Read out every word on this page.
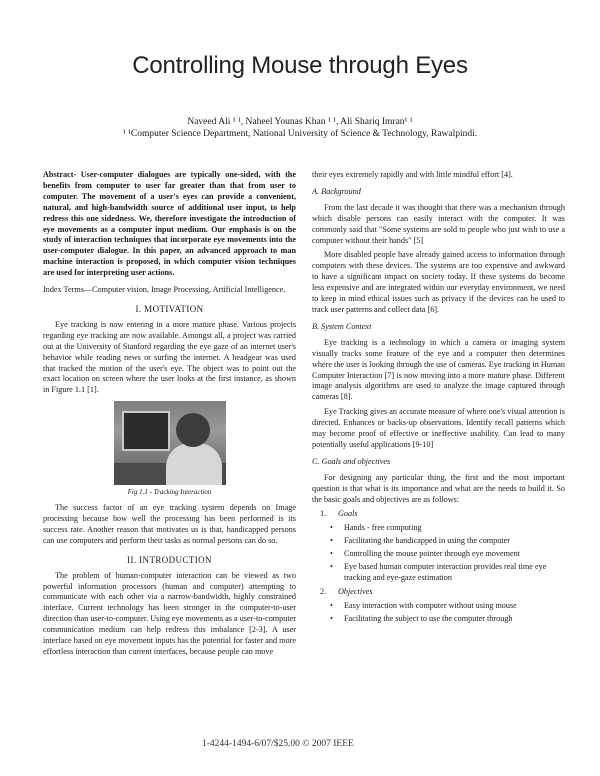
Controlling Mouse through Eyes
Naveed Ali ¹ ¹, Naheel Younas Khan ¹ ¹, Ali Shariq Imran¹ ¹
¹ ¹Computer Science Department, National University of Science & Technology, Rawalpindi.

Abstract- User-computer dialogues are typically one-sided, with the benefits from computer to user far greater than that from user to computer. The movement of a user's eyes can provide a convenient, natural, and high-bandwidth source of additional user input, to help redress this one sidedness. We, therefore investigate the introduction of eye movements as a computer input medium. Our emphasis is on the study of interaction techniques that incorporate eye movements into the user-computer dialogue. In this paper, an advanced approach to man machine interaction is proposed, in which computer vision techniques are used for interpreting user actions.

Index Terms—Computer vision, Image Processing, Artificial Intelligence.

I. MOTIVATION

Eye tracking is now entering in a more mature phase. Various projects regarding eye tracking are now available. Amongst all, a project was carried out at the University of Stanford regarding the eye gaze of an internet user's behavior while reading news or surfing the internet. A headgear was used that tracked the motion of the user's eye. The object was to point out the exact location on screen where the user looks at the first instance, as shown in Figure 1.1 [1].

Fig 1.1 - Tracking Interaction

The success factor of an eye tracking system depends on Image processing because how well the processing has been performed is its success rate. Another reason that motivates us is that, handicapped persons can use computers and perform their tasks as normal persons can do so.

II. INTRODUCTION

The problem of human-computer interaction can be viewed as two powerful information processors (human and computer) attempting to communicate with each other via a narrow-bandwidth, highly constrained interface. Current technology has been stronger in the computer-to-user direction than user-to-computer. Using eye movements as a user-to-computer communication medium can help redress this imbalance [2-3]. A user interface based on eye movement inputs has the potential for faster and more effortless interaction than current interfaces, because people can move

their eyes extremely rapidly and with little mindful effort [4].

A. Background

From the last decade it was thought that there was a mechanism through which disable persons can easily interact with the computer. It was commonly said that "Some systems are sold to people who just wish to use a computer without their hands" [5]

More disabled people have already gained access to information through computers with these devices. The systems are too expensive and awkward to have a significant impact on society today. If these systems do become less expensive and are integrated within our everyday environment, we need to keep in mind ethical issues such as privacy if the devices can be used to track user patterns and collect data [6].

B. System Context

Eye tracking is a technology in which a camera or imaging system visually tracks some feature of the eye and a computer then determines where the user is looking through the use of cameras. Eye tracking in Human Computer Interaction [7] is now moving into a more mature phase. Different image analysis algorithms are used to analyze the image captured through cameras [8].

Eye Tracking gives an accurate measure of where one's visual attention is directed. Enhances or backs-up observations. Identify recall patterns which may become proof of effective or ineffective usability. Can lead to many potentially useful applications [9-10]

C. Goals and objectives

For designing any particular thing, the first and the most important question is that what is its importance and what are the needs to build it. So the basic goals and objectives are as follows:

1. Goals
• Hands - free computing
• Facilitating the handicapped in using the computer
• Controlling the mouse pointer through eye movement
• Eye based human computer interaction provides real time eye tracking and eye-gaze estimation
2. Objectives
• Easy interaction with computer without using mouse
• Facilitating the subject to use the computer through
1-4244-1494-6/07/$25.00 © 2007 IEEE
